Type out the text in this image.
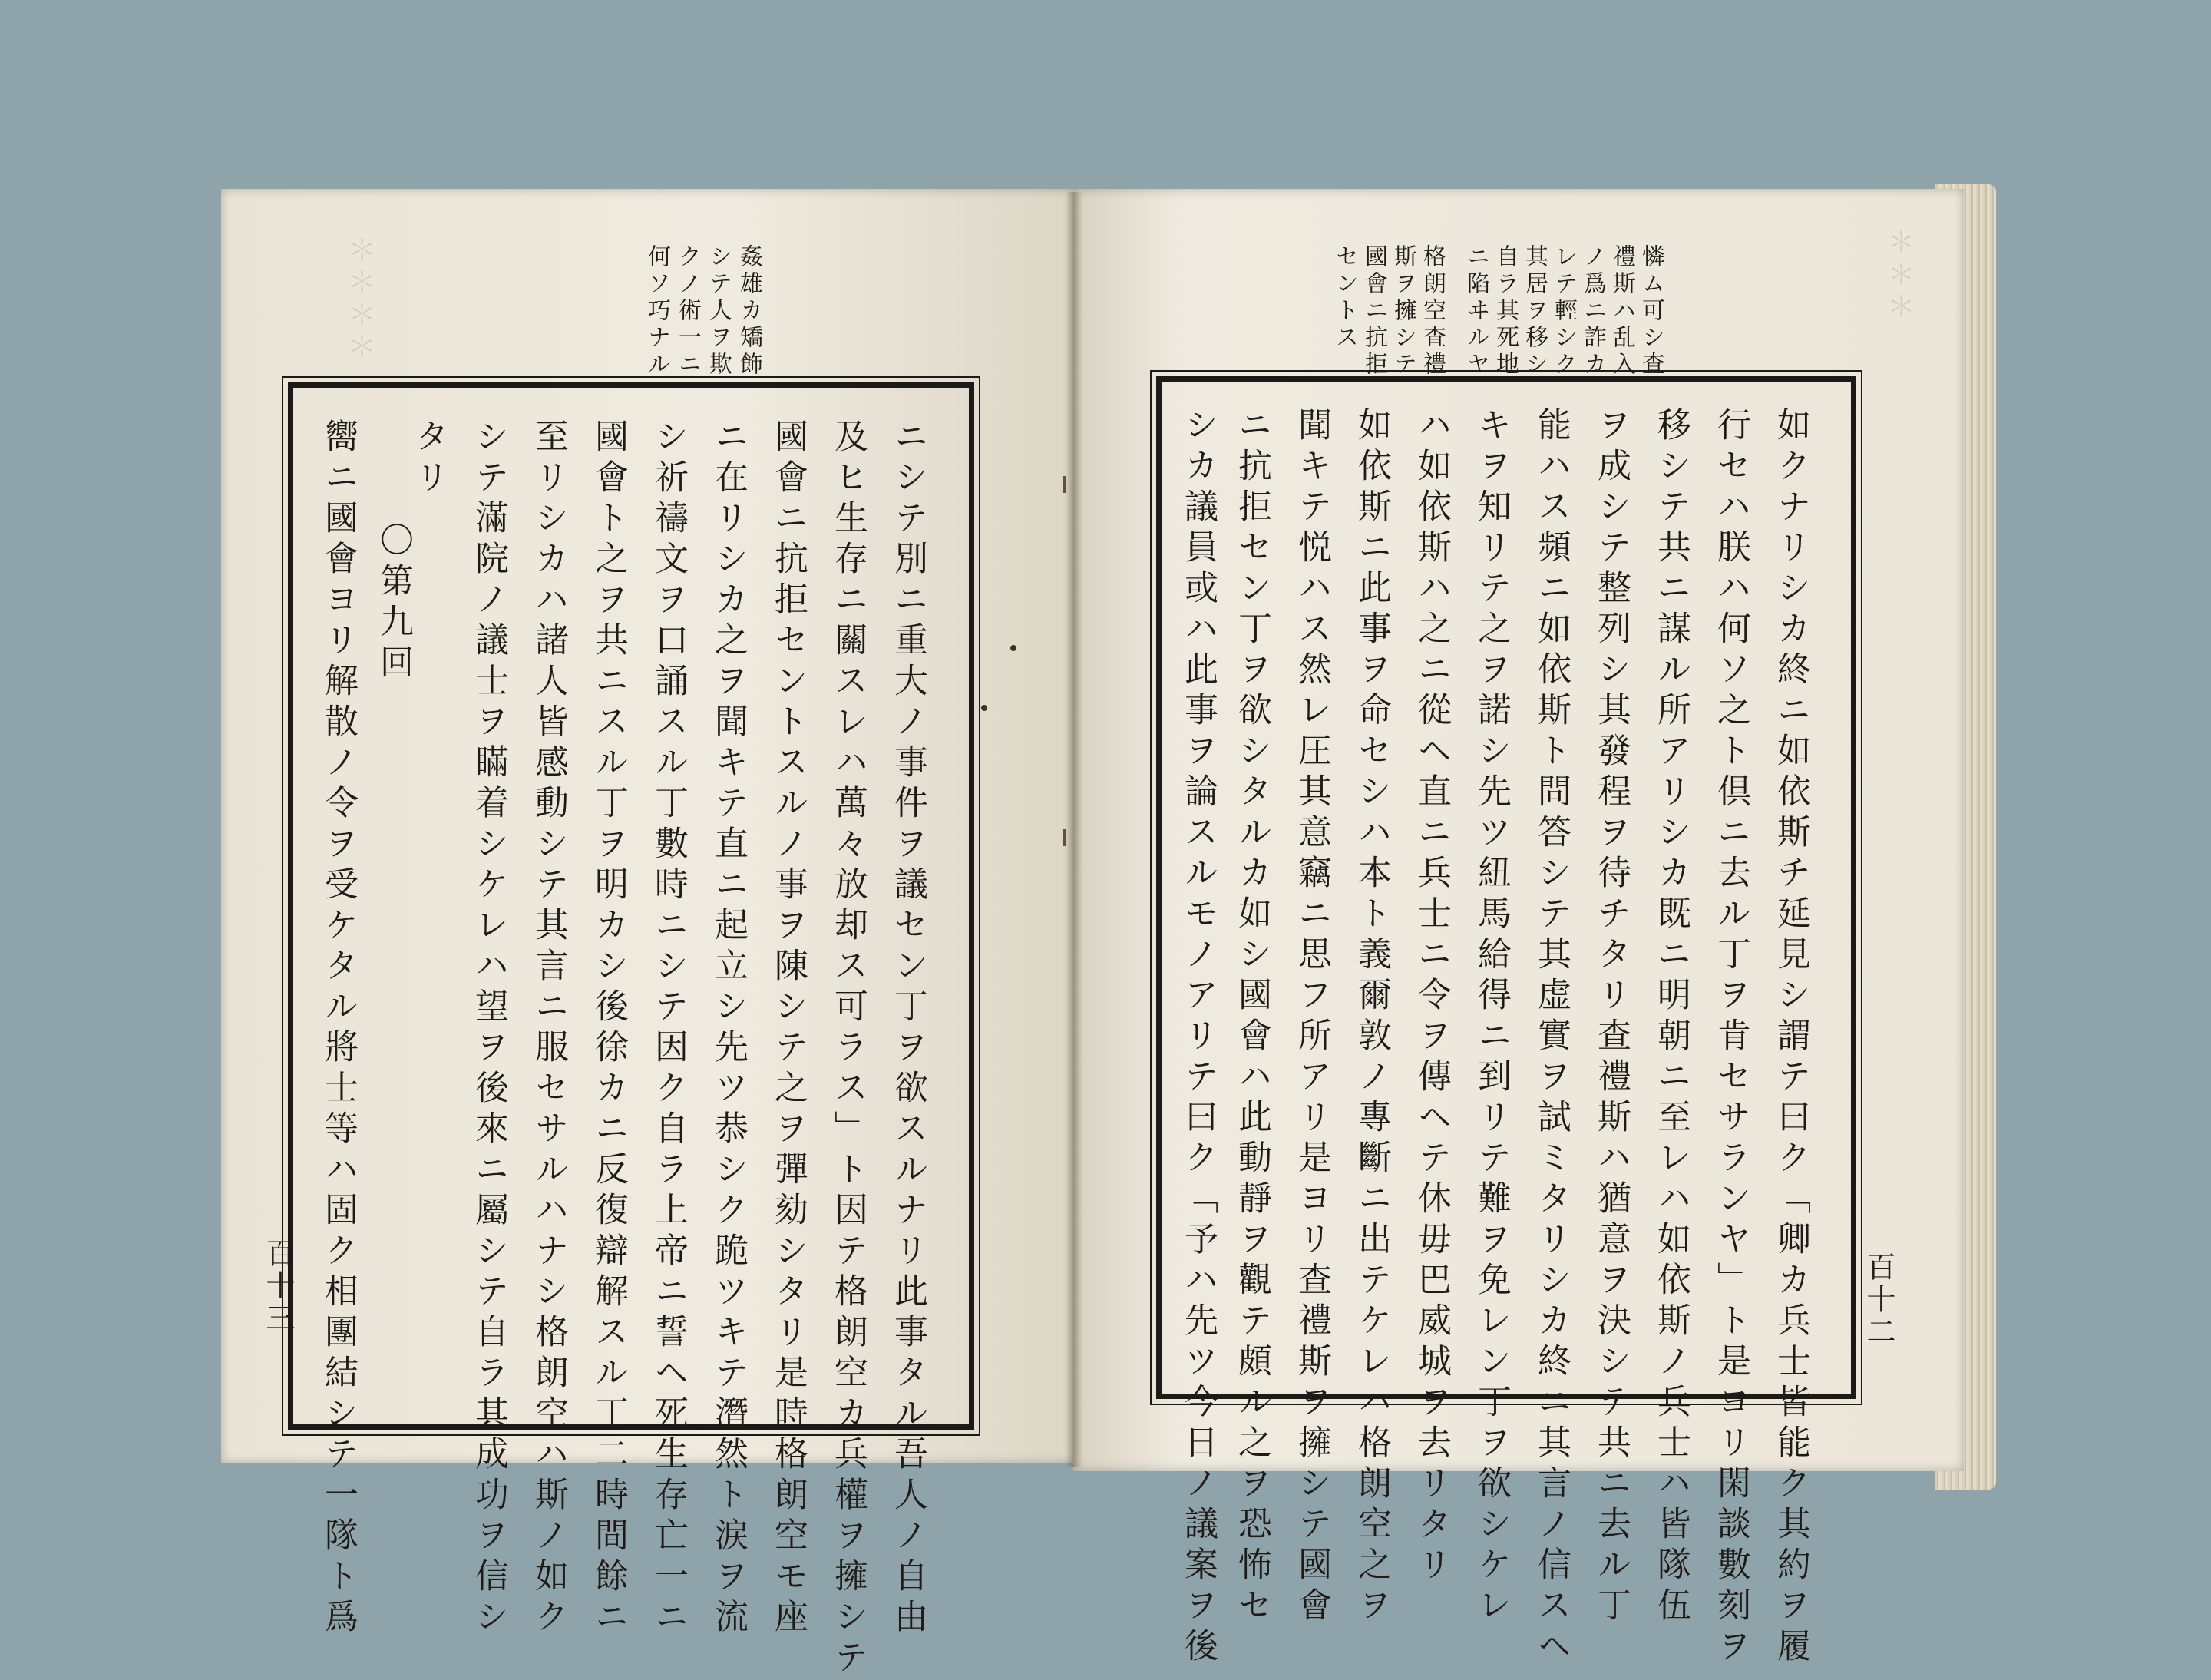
＊＊＊＊	＊＊＊
姦雄カ矯飾
シテ人ヲ欺
クノ術一ニ
何ソ巧ナル
ニシテ別ニ重大ノ事件ヲ議セン丁ヲ欲スルナリ此事タル吾人ノ自由
及ヒ生存ニ關スレハ萬々放却ス可ラス」ト因テ格朗空カ兵權ヲ擁シテ
國會ニ抗拒セントスルノ事ヲ陳シテ之ヲ彈劾シタリ是時格朗空モ座
ニ在リシカ之ヲ聞キテ直ニ起立シ先ツ恭シク跪ツキテ潛然ト涙ヲ流
シ祈禱文ヲ口誦スル丁數時ニシテ因ク自ラ上帝ニ誓ヘ死生存亡一ニ
國會ト之ヲ共ニスル丁ヲ明カシ後徐カニ反復辯解スル丁二時間餘ニ
至リシカハ諸人皆感動シテ其言ニ服セサルハナシ格朗空ハ斯ノ如ク
シテ滿院ノ議士ヲ瞞着シケレハ望ヲ後來ニ屬シテ自ラ其成功ヲ信シ
タリ
〇第九回
嚮ニ國會ヨリ解散ノ令ヲ受ケタル將士等ハ固ク相團結シテ一隊ト爲
百十三
憐ム可シ査
禮斯ハ乱入
ノ爲ニ詐カ
レテ輕シク
其居ヲ移シ
自ラ其死地
ニ陷ヰルヤ
格朗空査禮
斯ヲ擁シテ
國會ニ抗拒
セントス
如クナリシカ終ニ如依斯チ延見シ謂テ曰ク「卿カ兵士皆能ク其約ヲ履
行セハ朕ハ何ソ之ト倶ニ去ル丁ヲ肯セサランヤ」ト是ヨリ閑談數刻ヲ
移シテ共ニ謀ル所アリシカ既ニ明朝ニ至レハ如依斯ノ兵士ハ皆隊伍
ヲ成シテ整列シ其發程ヲ待チタリ查禮斯ハ猶意ヲ決シテ共ニ去ル丁
能ハス頻ニ如依斯ト問答シテ其虚實ヲ試ミタリシカ終ニ其言ノ信スヘ
キヲ知リテ之ヲ諾シ先ツ紐馬給得ニ到リテ難ヲ免レン丁ヲ欲シケレ
ハ如依斯ハ之ニ從ヘ直ニ兵士ニ令ヲ傳ヘテ休毋巴威城ヲ去リタリ
如依斯ニ此事ヲ命セシハ本ト義爾敦ノ專斷ニ出テケレハ格朗空之ヲ
聞キテ悦ハス然レ圧其意竊ニ思フ所アリ是ヨリ查禮斯ヲ擁シテ國會
ニ抗拒セン丁ヲ欲シタルカ如シ國會ハ此動靜ヲ觀テ頗ル之ヲ恐怖セ
シカ議員或ハ此事ヲ論スルモノアリテ曰ク「予ハ先ツ今日ノ議案ヲ後	百十二
